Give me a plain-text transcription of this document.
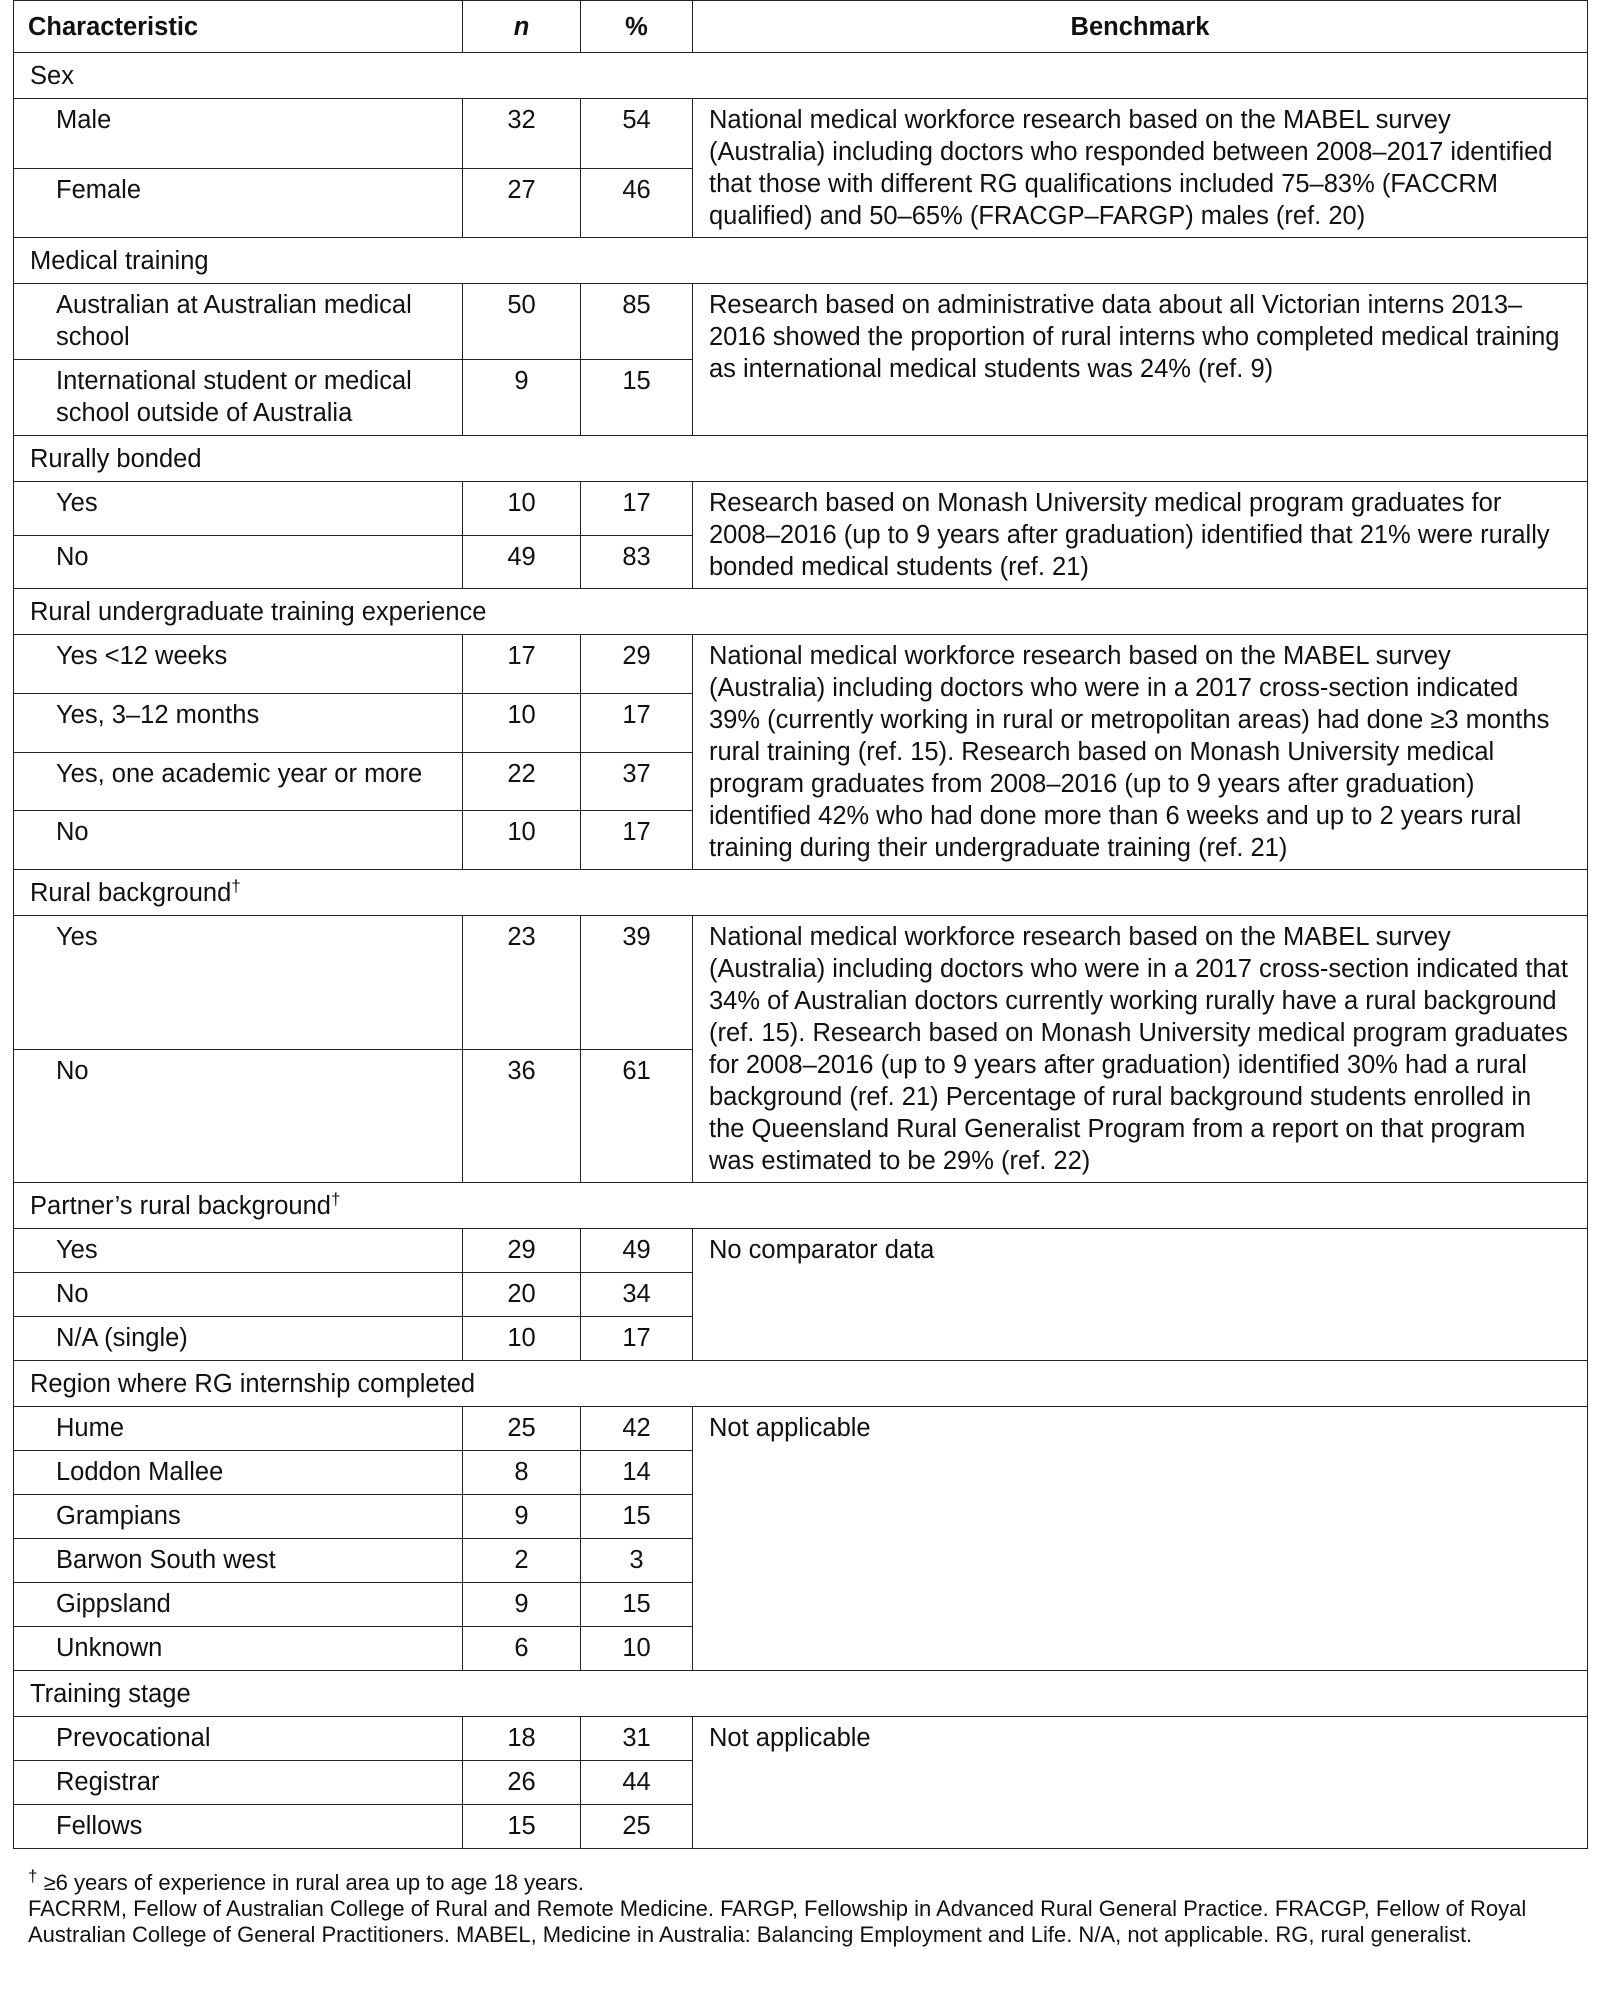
Characteristic	n	%	Benchmark
Sex			
Male	32	54	National medical workforce research based on the MABEL survey (Australia) including doctors who responded between 2008–2017 identified that those with different RG qualifications included 75–83% (FACCRM qualified) and 50–65% (FRACGP–FARGP) males (ref. 20)
Female	27	46	
Medical training			
Australian at Australian medical school	50	85	Research based on administrative data about all Victorian interns 2013–2016 showed the proportion of rural interns who completed medical training as international medical students was 24% (ref. 9)
International student or medical school outside of Australia	9	15	
Rurally bonded			
Yes	10	17	Research based on Monash University medical program graduates for 2008–2016 (up to 9 years after graduation) identified that 21% were rurally bonded medical students (ref. 21)
No	49	83	
Rural undergraduate training experience			
Yes <12 weeks	17	29	National medical workforce research based on the MABEL survey (Australia) including doctors who were in a 2017 cross-section indicated 39% (currently working in rural or metropolitan areas) had done ≥3 months rural training (ref. 15). Research based on Monash University medical program graduates from 2008–2016 (up to 9 years after graduation) identified 42% who had done more than 6 weeks and up to 2 years rural training during their undergraduate training (ref. 21)
Yes, 3–12 months	10	17	
Yes, one academic year or more	22	37	
No	10	17	
Rural background†	
Yes	23	39	National medical workforce research based on the MABEL survey (Australia) including doctors who were in a 2017 cross-section indicated that 34% of Australian doctors currently working rurally have a rural background (ref. 15). Research based on Monash University medical program graduates for 2008–2016 (up to 9 years after graduation) identified 30% had a rural background (ref. 21) Percentage of rural background students enrolled in the Queensland Rural Generalist Program from a report on that program was estimated to be 29% (ref. 22)
No	36	61	
Partner’s rural background†	
Yes	29	49	No comparator data
No	20	34	
N/A (single)	10	17	
Region where RG internship completed			
Hume	25	42	Not applicable
Loddon Mallee	8	14	
Grampians	9	15	
Barwon South west	2	3	
Gippsland	9	15	
Unknown	6	10	
Training stage			
Prevocational	18	31	Not applicable
Registrar	26	44	
Fellows	15	25	

† ≥6 years of experience in rural area up to age 18 years.

FACRRM, Fellow of Australian College of Rural and Remote Medicine. FARGP, Fellowship in Advanced Rural General Practice. FRACGP, Fellow of Royal Australian College of General Practitioners. MABEL, Medicine in Australia: Balancing Employment and Life. N/A, not applicable. RG, rural generalist.
